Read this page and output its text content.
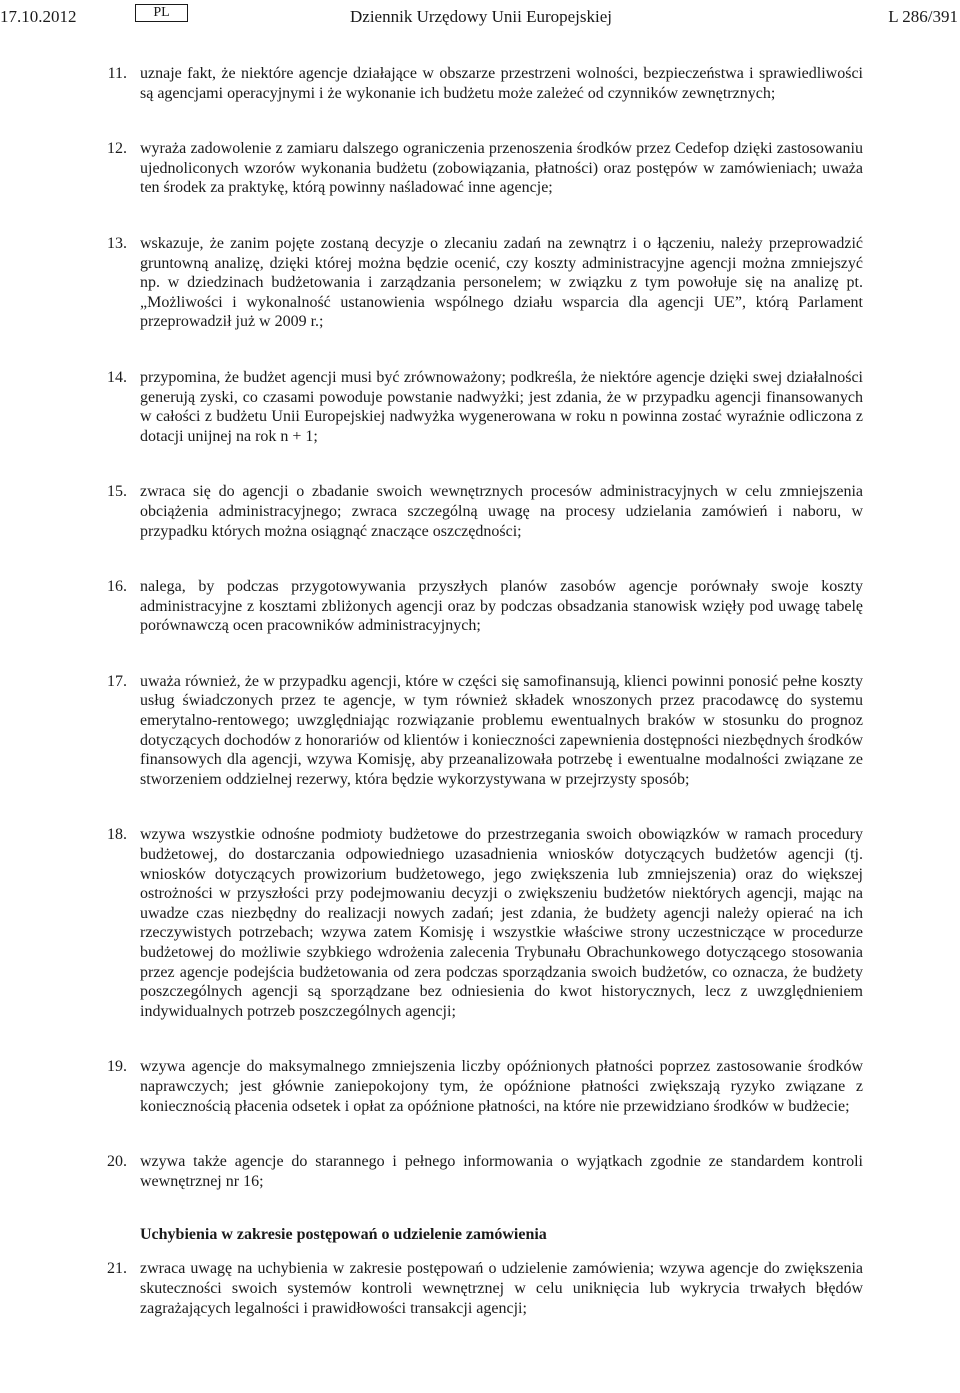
17.10.2012	PL	Dziennik Urzędowy Unii Europejskiej	L 286/391
11. uznaje fakt, że niektóre agencje działające w obszarze przestrzeni wolności, bezpieczeństwa i sprawiedliwości są agencjami operacyjnymi i że wykonanie ich budżetu może zależeć od czynników zewnętrznych;
12. wyraża zadowolenie z zamiaru dalszego ograniczenia przenoszenia środków przez Cedefop dzięki zastosowaniu ujednoliconych wzorów wykonania budżetu (zobowiązania, płatności) oraz postępów w zamówieniach; uważa ten środek za praktykę, którą powinny naśladować inne agencje;
13. wskazuje, że zanim pojęte zostaną decyzje o zlecaniu zadań na zewnątrz i o łączeniu, należy przeprowadzić gruntowną analizę, dzięki której można będzie ocenić, czy koszty administracyjne agencji można zmniejszyć np. w dziedzinach budżetowania i zarządzania personelem; w związku z tym powołuje się na analizę pt. „Możliwości i wykonalność ustanowienia wspólnego działu wsparcia dla agencji UE”, którą Parlament przeprowadził już w 2009 r.;
14. przypomina, że budżet agencji musi być zrównoważony; podkreśla, że niektóre agencje dzięki swej działalności generują zyski, co czasami powoduje powstanie nadwyżki; jest zdania, że w przypadku agencji finansowanych w całości z budżetu Unii Europejskiej nadwyżka wygenerowana w roku n powinna zostać wyraźnie odliczona z dotacji unijnej na rok n + 1;
15. zwraca się do agencji o zbadanie swoich wewnętrznych procesów administracyjnych w celu zmniejszenia obciążenia administracyjnego; zwraca szczególną uwagę na procesy udzielania zamówień i naboru, w przypadku których można osiągnąć znaczące oszczędności;
16. nalega, by podczas przygotowywania przyszłych planów zasobów agencje porównały swoje koszty administracyjne z kosztami zbliżonych agencji oraz by podczas obsadzania stanowisk wzięły pod uwagę tabelę porównawczą ocen pracowników administracyjnych;
17. uważa również, że w przypadku agencji, które w części się samofinansują, klienci powinni ponosić pełne koszty usług świadczonych przez te agencje, w tym również składek wnoszonych przez pracodawcę do systemu emerytalno-rentowego; uwzględniając rozwiązanie problemu ewentualnych braków w stosunku do prognoz dotyczących dochodów z honorariów od klientów i konieczności zapewnienia dostępności niezbędnych środków finansowych dla agencji, wzywa Komisję, aby przeanalizowała potrzebę i ewentualne modalności związane ze stworzeniem oddzielnej rezerwy, która będzie wykorzystywana w przejrzysty sposób;
18. wzywa wszystkie odnośne podmioty budżetowe do przestrzegania swoich obowiązków w ramach procedury budżetowej, do dostarczania odpowiedniego uzasadnienia wniosków dotyczących budżetów agencji (tj. wniosków dotyczących prowizorium budżetowego, jego zwiększenia lub zmniejszenia) oraz do większej ostrożności w przyszłości przy podejmowaniu decyzji o zwiększeniu budżetów niektórych agencji, mając na uwadze czas niezbędny do realizacji nowych zadań; jest zdania, że budżety agencji należy opierać na ich rzeczywistych potrzebach; wzywa zatem Komisję i wszystkie właściwe strony uczestniczące w procedurze budżetowej do możliwie szybkiego wdrożenia zalecenia Trybunału Obrachunkowego dotyczącego stosowania przez agencje podejścia budżetowania od zera podczas sporządzania swoich budżetów, co oznacza, że budżety poszczególnych agencji są sporządzane bez odniesienia do kwot historycznych, lecz z uwzględnieniem indywidualnych potrzeb poszczególnych agencji;
19. wzywa agencje do maksymalnego zmniejszenia liczby opóźnionych płatności poprzez zastosowanie środków naprawczych; jest głównie zaniepokojony tym, że opóźnione płatności zwiększają ryzyko związane z koniecznością płacenia odsetek i opłat za opóźnione płatności, na które nie przewidziano środków w budżecie;
20. wzywa także agencje do starannego i pełnego informowania o wyjątkach zgodnie ze standardem kontroli wewnętrznej nr 16;
Uchybienia w zakresie postępowań o udzielenie zamówienia
21. zwraca uwagę na uchybienia w zakresie postępowań o udzielenie zamówienia; wzywa agencje do zwiększenia skuteczności swoich systemów kontroli wewnętrznej w celu uniknięcia lub wykrycia trwałych błędów zagrażających legalności i prawidłowości transakcji agencji;
